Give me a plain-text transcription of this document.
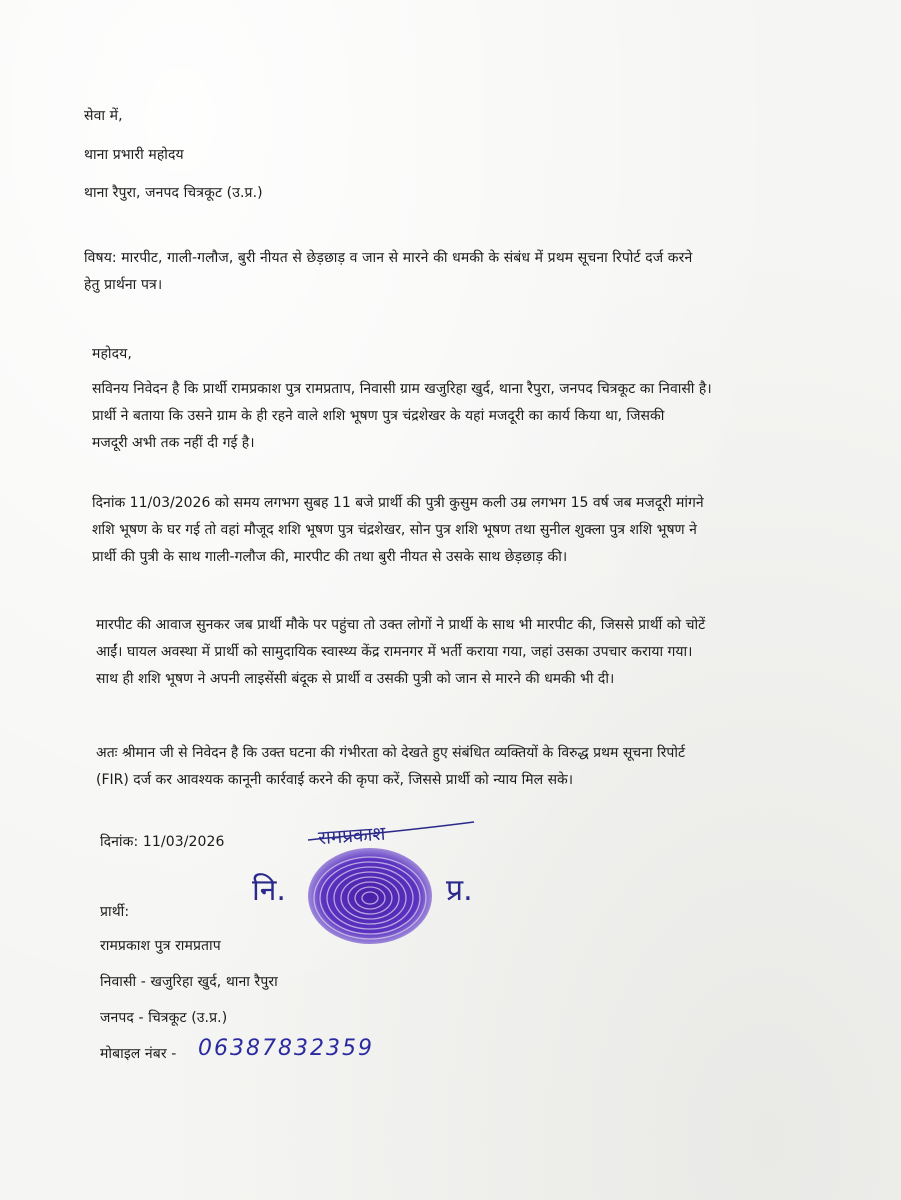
सेवा में,
थाना प्रभारी महोदय
थाना रैपुरा, जनपद चित्रकूट (उ.प्र.)
विषय: मारपीट, गाली-गलौज, बुरी नीयत से छेड़छाड़ व जान से मारने की धमकी के संबंध में प्रथम सूचना रिपोर्ट दर्ज करने
हेतु प्रार्थना पत्र।
महोदय,
सविनय निवेदन है कि प्रार्थी रामप्रकाश पुत्र रामप्रताप, निवासी ग्राम खजुरिहा खुर्द, थाना रैपुरा, जनपद चित्रकूट का निवासी है।
प्रार्थी ने बताया कि उसने ग्राम के ही रहने वाले शशि भूषण पुत्र चंद्रशेखर के यहां मजदूरी का कार्य किया था, जिसकी
मजदूरी अभी तक नहीं दी गई है।
दिनांक 11/03/2026 को समय लगभग सुबह 11 बजे प्रार्थी की पुत्री कुसुम कली उम्र लगभग 15 वर्ष जब मजदूरी मांगने
शशि भूषण के घर गई तो वहां मौजूद शशि भूषण पुत्र चंद्रशेखर, सोन पुत्र शशि भूषण तथा सुनील शुक्ला पुत्र शशि भूषण ने
प्रार्थी की पुत्री के साथ गाली-गलौज की, मारपीट की तथा बुरी नीयत से उसके साथ छेड़छाड़ की।
मारपीट की आवाज सुनकर जब प्रार्थी मौके पर पहुंचा तो उक्त लोगों ने प्रार्थी के साथ भी मारपीट की, जिससे प्रार्थी को चोटें
आईं। घायल अवस्था में प्रार्थी को सामुदायिक स्वास्थ्य केंद्र रामनगर में भर्ती कराया गया, जहां उसका उपचार कराया गया।
साथ ही शशि भूषण ने अपनी लाइसेंसी बंदूक से प्रार्थी व उसकी पुत्री को जान से मारने की धमकी भी दी।
अतः श्रीमान जी से निवेदन है कि उक्त घटना की गंभीरता को देखते हुए संबंधित व्यक्तियों के विरुद्ध प्रथम सूचना रिपोर्ट
(FIR) दर्ज कर आवश्यक कानूनी कार्रवाई करने की कृपा करें, जिससे प्रार्थी को न्याय मिल सके।
दिनांक: 11/03/2026	रामप्रकाश
नि.	प्र.
प्रार्थी:
रामप्रकाश पुत्र रामप्रताप
निवासी - खजुरिहा खुर्द, थाना रैपुरा
जनपद - चित्रकूट (उ.प्र.)
मोबाइल नंबर - 06387832359
